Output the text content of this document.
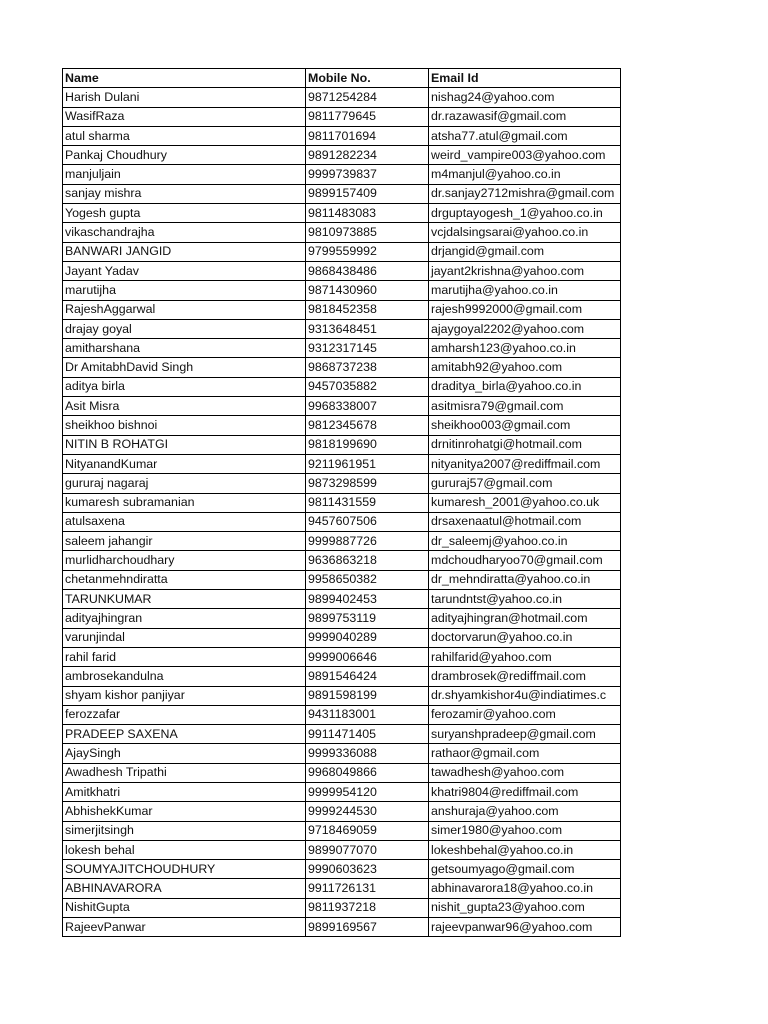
Name	Mobile No.	Email Id
Harish Dulani	9871254284	nishag24@yahoo.com
WasifRaza	9811779645	dr.razawasif@gmail.com
atul sharma	9811701694	atsha77.atul@gmail.com
Pankaj Choudhury	9891282234	weird_vampire003@yahoo.com
manjuljain	9999739837	m4manjul@yahoo.co.in
sanjay mishra	9899157409	dr.sanjay2712mishra@gmail.com
Yogesh gupta	9811483083	drguptayogesh_1@yahoo.co.in
vikaschandrajha	9810973885	vcjdalsingsarai@yahoo.co.in
BANWARI JANGID	9799559992	drjangid@gmail.com
Jayant Yadav	9868438486	jayant2krishna@yahoo.com
marutijha	9871430960	marutijha@yahoo.co.in
RajeshAggarwal	9818452358	rajesh9992000@gmail.com
drajay goyal	9313648451	ajaygoyal2202@yahoo.com
amitharshana	9312317145	amharsh123@yahoo.co.in
Dr AmitabhDavid Singh	9868737238	amitabh92@yahoo.com
aditya birla	9457035882	draditya_birla@yahoo.co.in
Asit Misra	9968338007	asitmisra79@gmail.com
sheikhoo bishnoi	9812345678	sheikhoo003@gmail.com
NITIN B ROHATGI	9818199690	drnitinrohatgi@hotmail.com
NityanandKumar	9211961951	nityanitya2007@rediffmail.com
gururaj nagaraj	9873298599	gururaj57@gmail.com
kumaresh subramanian	9811431559	kumaresh_2001@yahoo.co.uk
atulsaxena	9457607506	drsaxenaatul@hotmail.com
saleem jahangir	9999887726	dr_saleemj@yahoo.co.in
murlidharchoudhary	9636863218	mdchoudharyoo70@gmail.com
chetanmehndiratta	9958650382	dr_mehndiratta@yahoo.co.in
TARUNKUMAR	9899402453	tarundntst@yahoo.co.in
adityajhingran	9899753119	adityajhingran@hotmail.com
varunjindal	9999040289	doctorvarun@yahoo.co.in
rahil farid	9999006646	rahilfarid@yahoo.com
ambrosekandulna	9891546424	drambrosek@rediffmail.com
shyam kishor panjiyar	9891598199	dr.shyamkishor4u@indiatimes.c
ferozzafar	9431183001	ferozamir@yahoo.com
PRADEEP SAXENA	9911471405	suryanshpradeep@gmail.com
AjaySingh	9999336088	rathaor@gmail.com
Awadhesh Tripathi	9968049866	tawadhesh@yahoo.com
Amitkhatri	9999954120	khatri9804@rediffmail.com
AbhishekKumar	9999244530	anshuraja@yahoo.com
simerjitsingh	9718469059	simer1980@yahoo.com
lokesh behal	9899077070	lokeshbehal@yahoo.co.in
SOUMYAJITCHOUDHURY	9990603623	getsoumyago@gmail.com
ABHINAVARORA	9911726131	abhinavarora18@yahoo.co.in
NishitGupta	9811937218	nishit_gupta23@yahoo.com
RajeevPanwar	9899169567	rajeevpanwar96@yahoo.com
